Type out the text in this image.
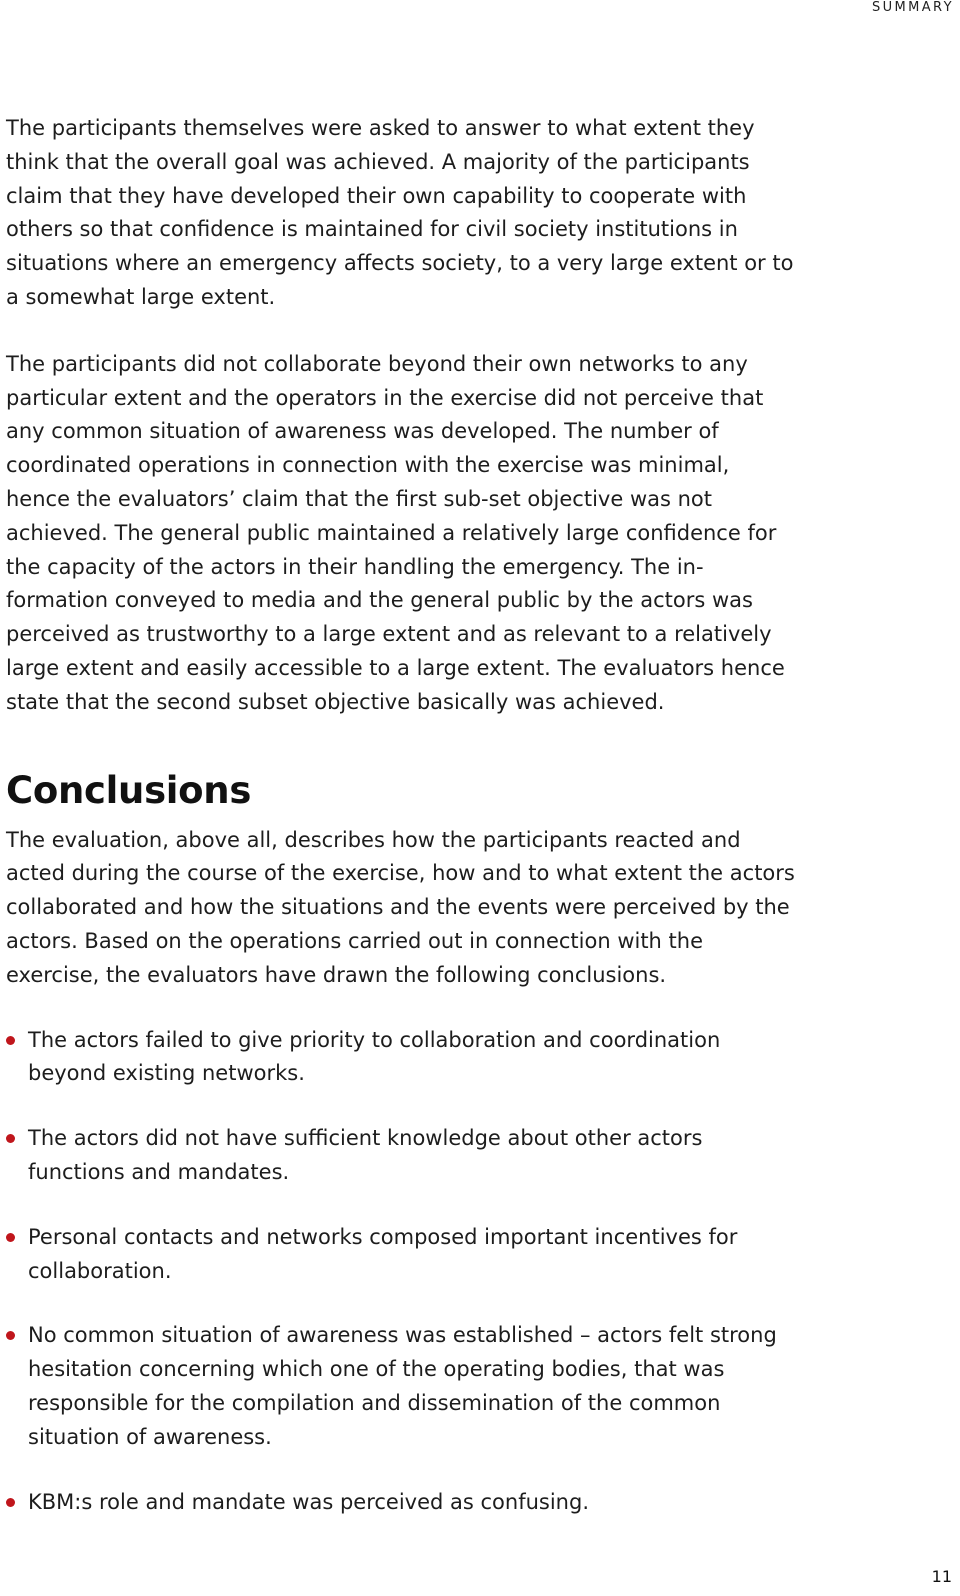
SUMMARY

The participants themselves were asked to answer to what extent they think that the overall goal was achieved. A majority of the participants claim that they have developed their own capability to cooperate with others so that confidence is maintained for civil society institutions in situations where an emergency affects society, to a very large extent or to a somewhat large extent.

The participants did not collaborate beyond their own networks to any particular extent and the operators in the exercise did not perceive that any common situation of awareness was developed. The number of coordinated operations in connection with the exercise was minimal, hence the evaluators’ claim that the first sub-set objective was not achieved. The general public maintained a relatively large confidence for the capacity of the actors in their handling the emergency. The information conveyed to media and the general public by the actors was perceived as trustworthy to a large extent and as relevant to a relatively large extent and easily accessible to a large extent. The evaluators hence state that the second subset objective basically was achieved.

Conclusions

The evaluation, above all, describes how the participants reacted and acted during the course of the exercise, how and to what extent the actors collaborated and how the situations and the events were perceived by the actors. Based on the operations carried out in connection with the exercise, the evaluators have drawn the following conclusions.

The actors failed to give priority to collaboration and coordination beyond existing networks.
The actors did not have sufficient knowledge about other actors functions and mandates.
Personal contacts and networks composed important incentives for collaboration.
No common situation of awareness was established – actors felt strong hesitation concerning which one of the operating bodies, that was responsible for the compilation and dissemination of the common situation of awareness.
KBM:s role and mandate was perceived as confusing.
11
